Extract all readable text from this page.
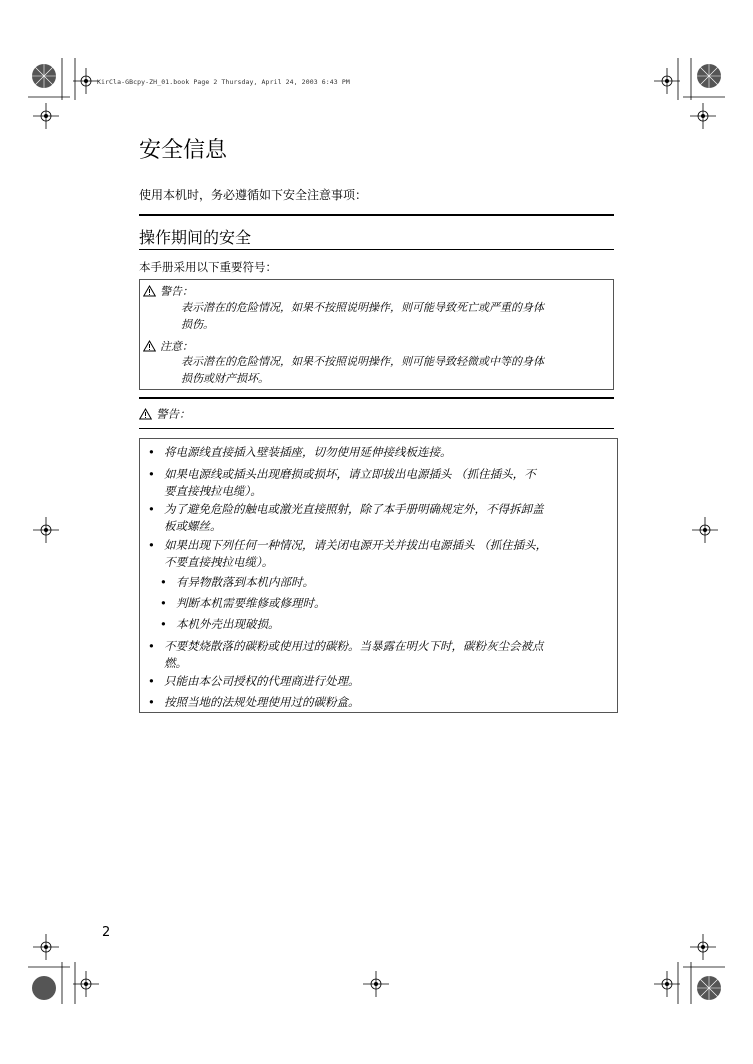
KirCla-GBcpy-ZH_01.book Page 2 Thursday, April 24, 2003 6:43 PM
安全信息
使用本机时，务必遵循如下安全注意事项：
操作期间的安全
本手册采用以下重要符号：
警告：
表示潜在的危险情况，如果不按照说明操作，则可能导致死亡或严重的身体
损伤。
注意：
表示潜在的危险情况，如果不按照说明操作，则可能导致轻微或中等的身体
损伤或财产损坏。
警告：
• 将电源线直接插入壁装插座，切勿使用延伸接线板连接。
• 如果电源线或插头出现磨损或损坏，请立即拔出电源插头 （抓住插头，不
要直接拽拉电缆）。
• 为了避免危险的触电或激光直接照射，除了本手册明确规定外，不得拆卸盖
板或螺丝。
• 如果出现下列任何一种情况，请关闭电源开关并拔出电源插头 （抓住插头，
不要直接拽拉电缆）。
• 有异物散落到本机内部时。
• 判断本机需要维修或修理时。
• 本机外壳出现破损。
• 不要焚烧散落的碳粉或使用过的碳粉。当暴露在明火下时，碳粉灰尘会被点
燃。
• 只能由本公司授权的代理商进行处理。
• 按照当地的法规处理使用过的碳粉盒。
2
